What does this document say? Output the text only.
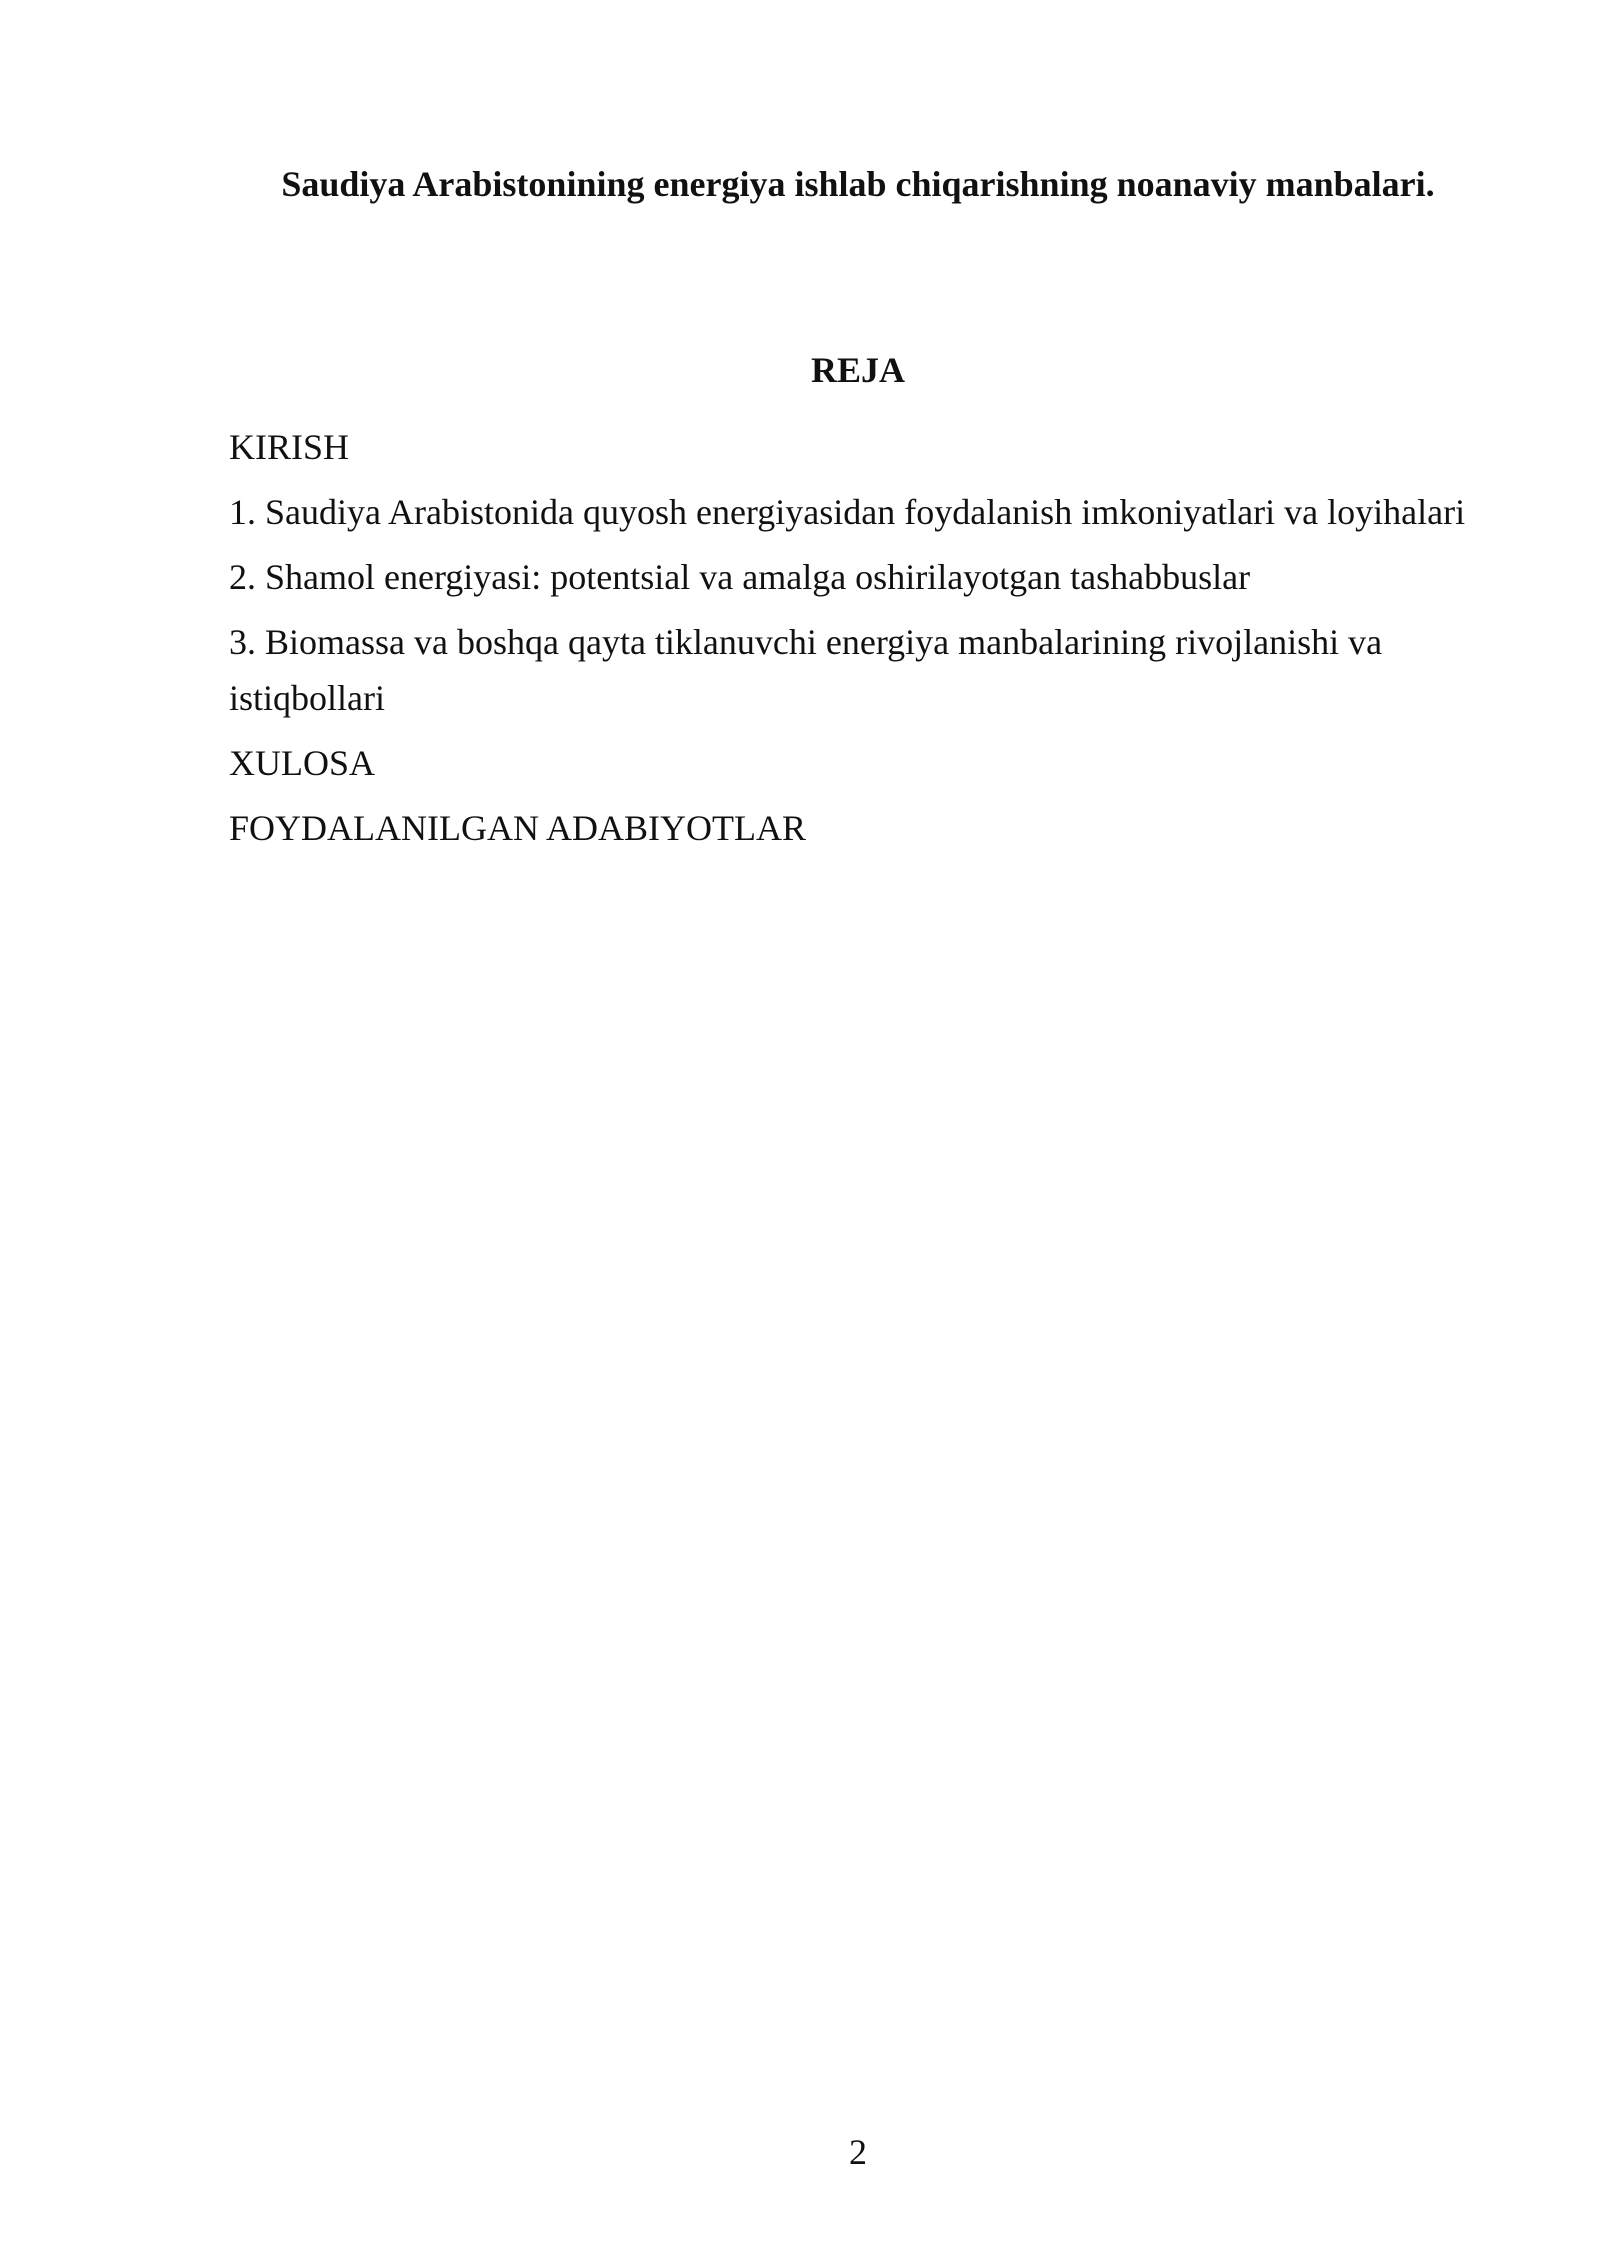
Saudiya Arabistonining energiya ishlab chiqarishning noanaviy manbalari.
REJA
KIRISH
1. Saudiya Arabistonida quyosh energiyasidan foydalanish imkoniyatlari va loyihalari
2. Shamol energiyasi: potentsial va amalga oshirilayotgan tashabbuslar
3. Biomassa va boshqa qayta tiklanuvchi energiya manbalarining rivojlanishi va istiqbollari
XULOSA
FOYDALANILGAN ADABIYOTLAR
2
